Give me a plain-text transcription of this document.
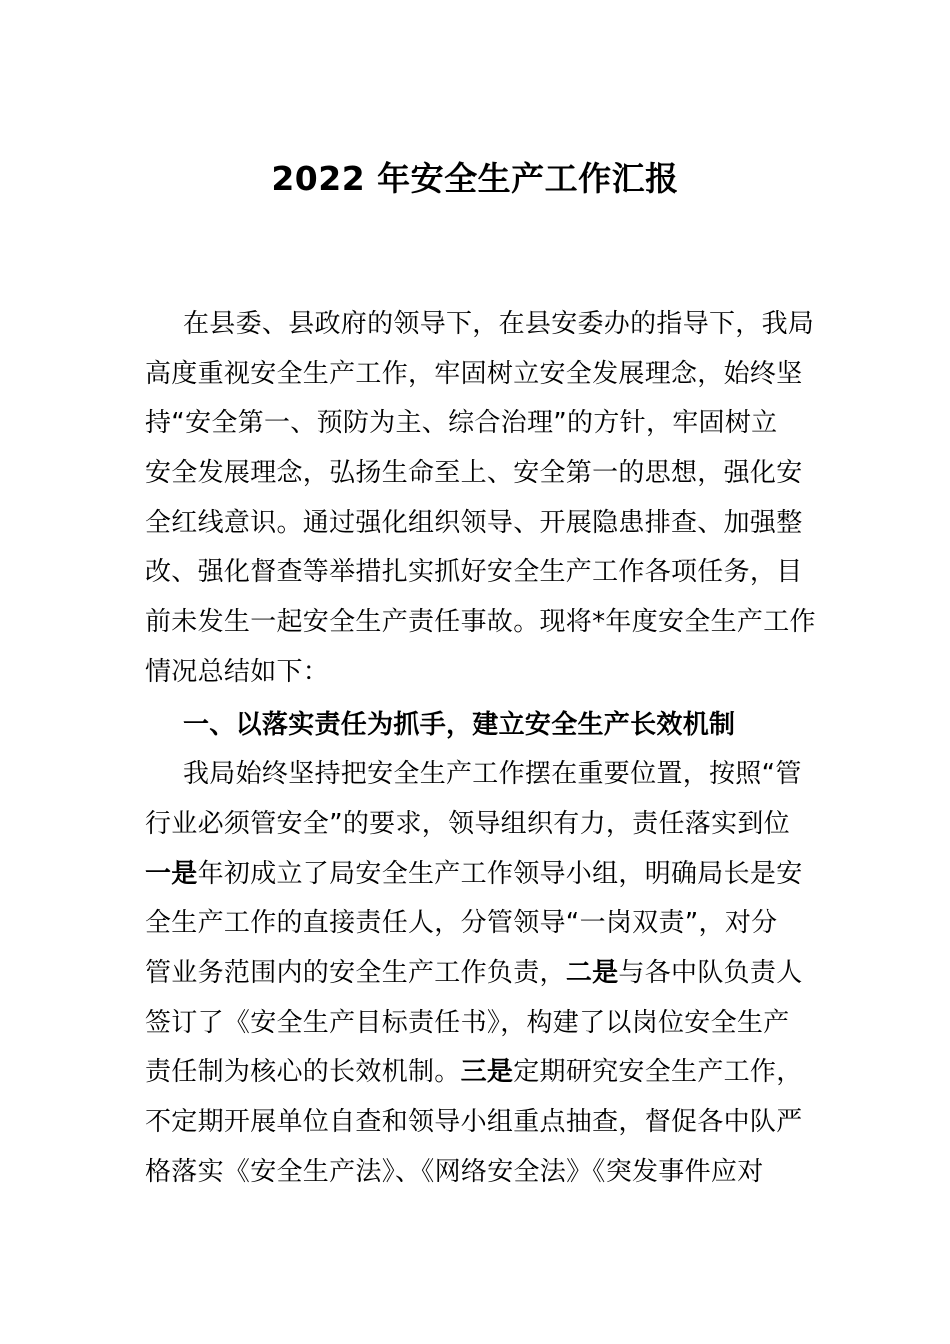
2022 年安全生产工作汇报
在县委、县政府的领导下，在县安委办的指导下，我局
高度重视安全生产工作，牢固树立安全发展理念，始终坚
持“安全第一、预防为主、综合治理”的方针，牢固树立
安全发展理念，弘扬生命至上、安全第一的思想，强化安
全红线意识。通过强化组织领导、开展隐患排查、加强整
改、强化督查等举措扎实抓好安全生产工作各项任务，目
前未发生一起安全生产责任事故。现将*年度安全生产工作
情况总结如下：
一、以落实责任为抓手，建立安全生产长效机制
我局始终坚持把安全生产工作摆在重要位置，按照“管
行业必须管安全”的要求，领导组织有力，责任落实到位
一是年初成立了局安全生产工作领导小组，明确局长是安
全生产工作的直接责任人，分管领导“一岗双责”，对分
管业务范围内的安全生产工作负责，二是与各中队负责人
签订了《安全生产目标责任书》，构建了以岗位安全生产
责任制为核心的长效机制。三是定期研究安全生产工作，
不定期开展单位自查和领导小组重点抽查，督促各中队严
格落实《安全生产法》、《网络安全法》《突发事件应对
